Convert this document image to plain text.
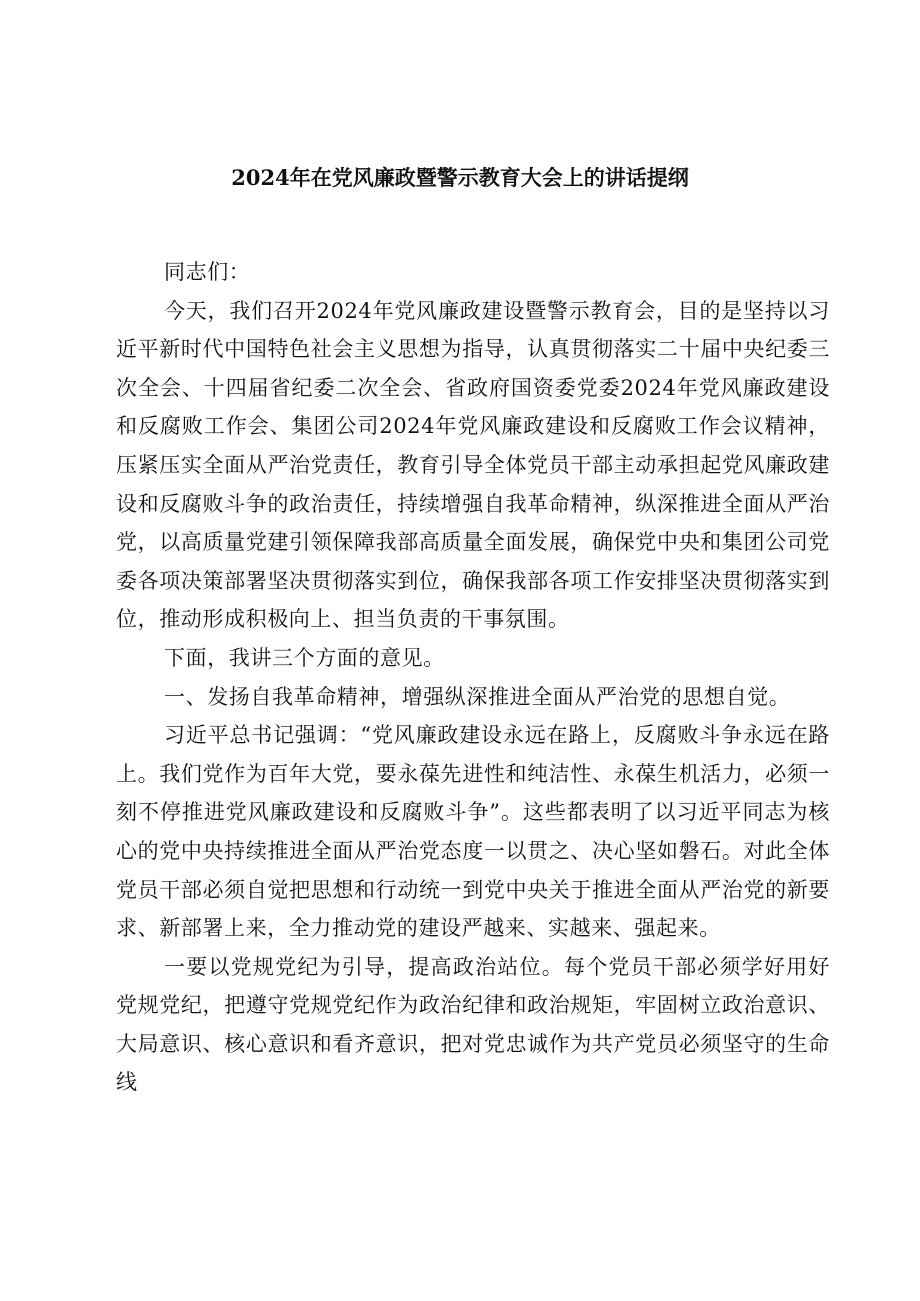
2024年在党风廉政暨警示教育大会上的讲话提纲

同志们：

今天，我们召开2024年党风廉政建设暨警示教育会，目的是坚持以习近平新时代中国特色社会主义思想为指导，认真贯彻落实二十届中央纪委三次全会、十四届省纪委二次全会、省政府国资委党委2024年党风廉政建设和反腐败工作会、集团公司2024年党风廉政建设和反腐败工作会议精神，压紧压实全面从严治党责任，教育引导全体党员干部主动承担起党风廉政建设和反腐败斗争的政治责任，持续增强自我革命精神，纵深推进全面从严治党，以高质量党建引领保障我部高质量全面发展，确保党中央和集团公司党委各项决策部署坚决贯彻落实到位，确保我部各项工作安排坚决贯彻落实到位，推动形成积极向上、担当负责的干事氛围。

下面，我讲三个方面的意见。

一、发扬自我革命精神，增强纵深推进全面从严治党的思想自觉。

习近平总书记强调：“党风廉政建设永远在路上，反腐败斗争永远在路上。我们党作为百年大党，要永葆先进性和纯洁性、永葆生机活力，必须一刻不停推进党风廉政建设和反腐败斗争”。这些都表明了以习近平同志为核心的党中央持续推进全面从严治党态度一以贯之、决心坚如磐石。对此全体党员干部必须自觉把思想和行动统一到党中央关于推进全面从严治党的新要求、新部署上来，全力推动党的建设严越来、实越来、强起来。

一要以党规党纪为引导，提高政治站位。每个党员干部必须学好用好党规党纪，把遵守党规党纪作为政治纪律和政治规矩，牢固树立政治意识、大局意识、核心意识和看齐意识，把对党忠诚作为共产党员必须坚守的生命线
